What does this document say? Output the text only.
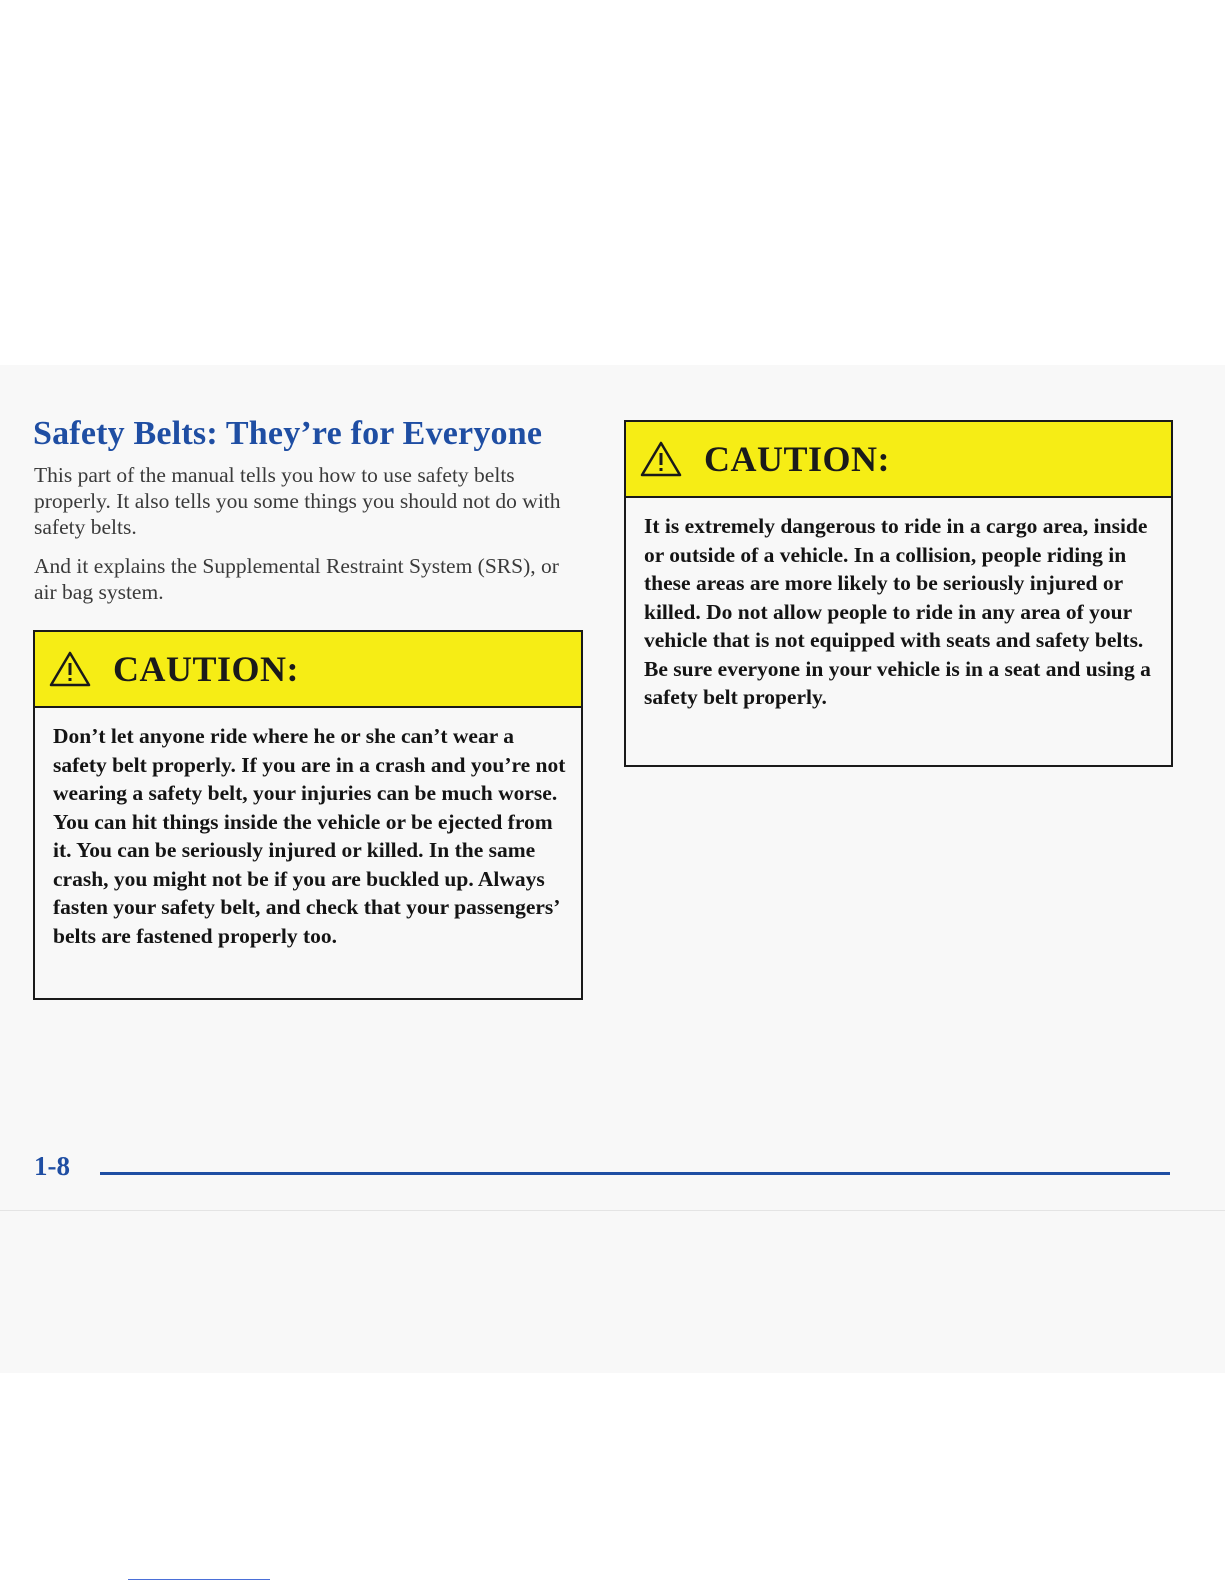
Safety Belts: They’re for Everyone

This part of the manual tells you how to use safety belts properly. It also tells you some things you should not do with safety belts.

And it explains the Supplemental Restraint System (SRS), or air bag system.

CAUTION:

Don’t let anyone ride where he or she can’t wear a safety belt properly. If you are in a crash and you’re not wearing a safety belt, your injuries can be much worse. You can hit things inside the vehicle or be ejected from it. You can be seriously injured or killed. In the same crash, you might not be if you are buckled up. Always fasten your safety belt, and check that your passengers’ belts are fastened properly too.

CAUTION:

It is extremely dangerous to ride in a cargo area, inside or outside of a vehicle. In a collision, people riding in these areas are more likely to be seriously injured or killed. Do not allow people to ride in any area of your vehicle that is not equipped with seats and safety belts. Be sure everyone in your vehicle is in a seat and using a safety belt properly.

1-8
